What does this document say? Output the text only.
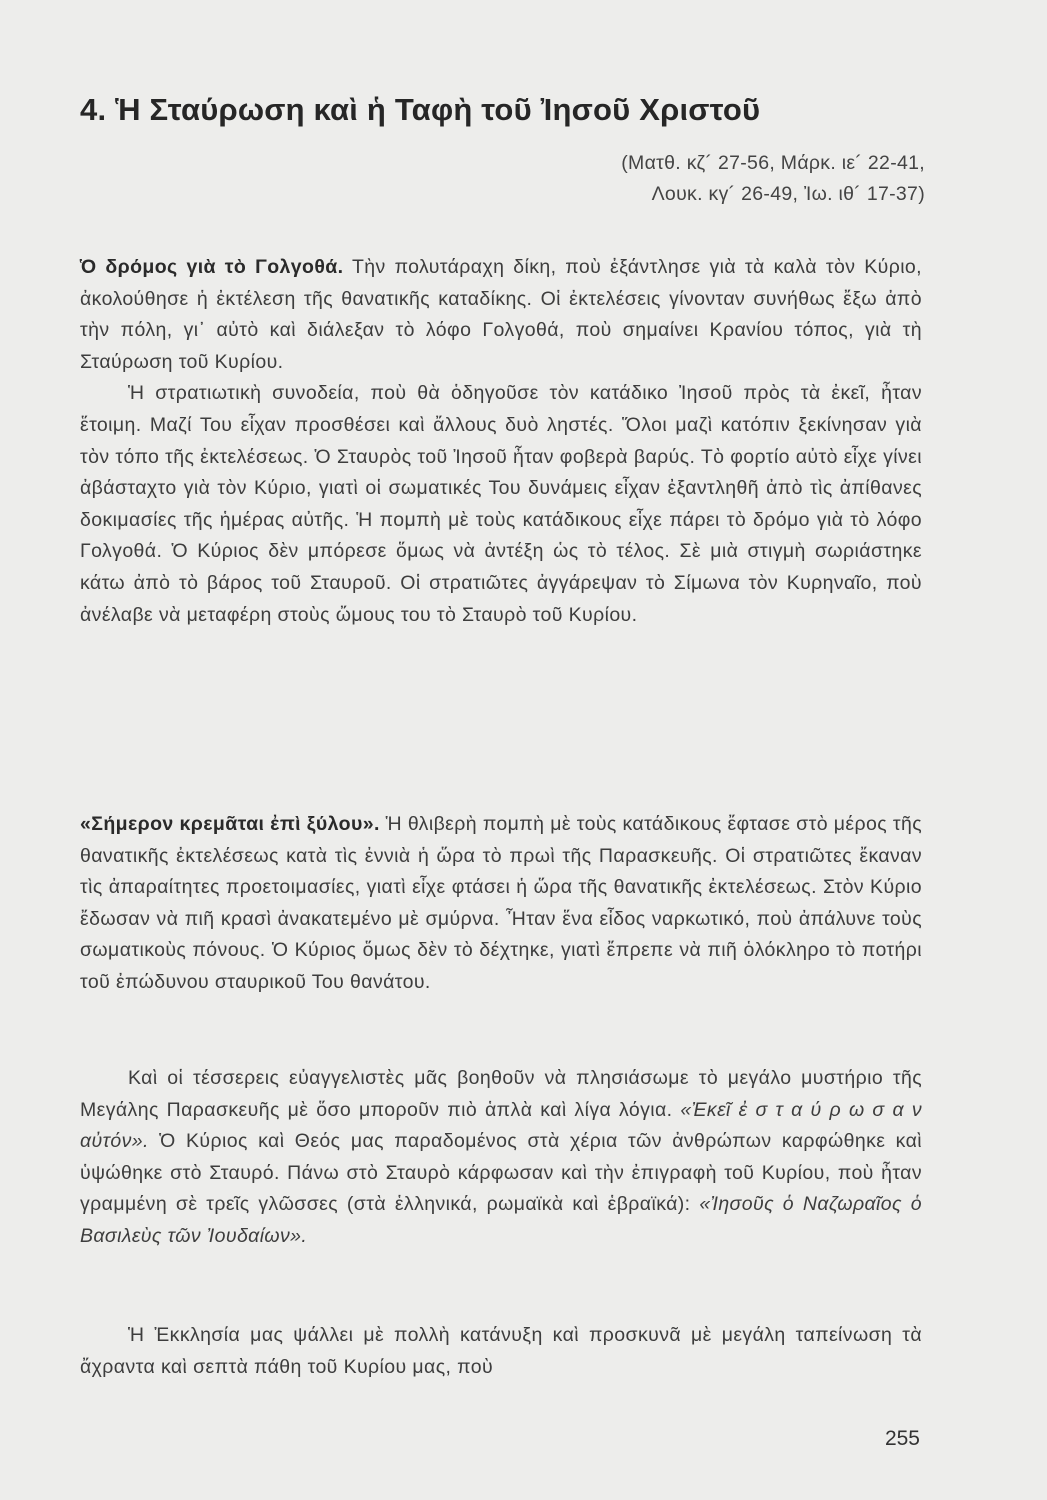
4. Ἡ Σταύρωση καὶ ἡ Ταφὴ τοῦ Ἰησοῦ Χριστοῦ
(Ματθ. κζ´ 27-56, Μάρκ. ιε´ 22-41,
Λουκ. κγ´ 26-49, Ἰω. ιθ´ 17-37)

Ὁ δρόμος γιὰ τὸ Γολγοθά. Τὴν πολυτάραχη δίκη, ποὺ ἐξάντλησε γιὰ τὰ καλὰ τὸν Κύριο, ἀκολούθησε ἡ ἐκτέλεση τῆς θανατικῆς καταδίκης. Οἱ ἐκτελέσεις γίνονταν συνήθως ἔξω ἀπὸ τὴν πόλη, γι᾽ αὐτὸ καὶ διάλεξαν τὸ λόφο Γολγοθά, ποὺ σημαίνει Κρανίου τόπος, γιὰ τὴ Σταύρωση τοῦ Κυρίου.

Ἡ στρατιωτικὴ συνοδεία, ποὺ θὰ ὁδηγοῦσε τὸν κατάδικο Ἰησοῦ πρὸς τὰ ἐκεῖ, ἦταν ἕτοιμη. Μαζί Του εἶχαν προσθέσει καὶ ἄλλους δυὸ ληστές. Ὅλοι μαζὶ κατόπιν ξεκίνησαν γιὰ τὸν τόπο τῆς ἐκτελέσεως. Ὁ Σταυρὸς τοῦ Ἰησοῦ ἦταν φοβερὰ βαρύς. Τὸ φορτίο αὐτὸ εἶχε γίνει ἀβάσταχτο γιὰ τὸν Κύριο, γιατὶ οἱ σωματικές Του δυνάμεις εἶχαν ἐξαντληθῆ ἀπὸ τὶς ἀπίθανες δοκιμασίες τῆς ἡμέρας αὐτῆς. Ἡ πομπὴ μὲ τοὺς κατάδικους εἶχε πάρει τὸ δρόμο γιὰ τὸ λόφο Γολγοθά. Ὁ Κύριος δὲν μπόρεσε ὅμως νὰ ἀντέξη ὡς τὸ τέλος. Σὲ μιὰ στιγμὴ σωριάστηκε κάτω ἀπὸ τὸ βάρος τοῦ Σταυροῦ. Οἱ στρατιῶτες ἀγγάρεψαν τὸ Σίμωνα τὸν Κυρηναῖο, ποὺ ἀνέλαβε νὰ μεταφέρη στοὺς ὤμους του τὸ Σταυρὸ τοῦ Κυρίου.

«Σήμερον κρεμᾶται ἐπὶ ξύλου». Ἡ θλιβερὴ πομπὴ μὲ τοὺς κατάδικους ἔφτασε στὸ μέρος τῆς θανατικῆς ἐκτελέσεως κατὰ τὶς ἐννιὰ ἡ ὥρα τὸ πρωὶ τῆς Παρασκευῆς. Οἱ στρατιῶτες ἔκαναν τὶς ἀπαραίτητες προετοιμασίες, γιατὶ εἶχε φτάσει ἡ ὥρα τῆς θανατικῆς ἐκτελέσεως. Στὸν Κύριο ἔδωσαν νὰ πιῆ κρασὶ ἀνακατεμένο μὲ σμύρνα. Ἦταν ἕνα εἶδος ναρκωτικό, ποὺ ἀπάλυνε τοὺς σωματικοὺς πόνους. Ὁ Κύριος ὅμως δὲν τὸ δέχτηκε, γιατὶ ἔπρεπε νὰ πιῆ ὁλόκληρο τὸ ποτήρι τοῦ ἐπώδυνου σταυρικοῦ Του θανάτου.

Καὶ οἱ τέσσερεις εὐαγγελιστὲς μᾶς βοηθοῦν νὰ πλησιάσωμε τὸ μεγάλο μυστήριο τῆς Μεγάλης Παρασκευῆς μὲ ὅσο μποροῦν πιὸ ἁπλὰ καὶ λίγα λόγια. «Ἐκεῖ ἐ σ τ α ύ ρ ω σ α ν αὐτόν». Ὁ Κύριος καὶ Θεός μας παραδομένος στὰ χέρια τῶν ἀνθρώπων καρφώθηκε καὶ ὑψώθηκε στὸ Σταυρό. Πάνω στὸ Σταυρὸ κάρφωσαν καὶ τὴν ἐπιγραφὴ τοῦ Κυρίου, ποὺ ἦταν γραμμένη σὲ τρεῖς γλῶσσες (στὰ ἑλληνικά, ρωμαϊκὰ καὶ ἑβραϊκά): «Ἰησοῦς ὁ Ναζωραῖος ὁ Βασιλεὺς τῶν Ἰουδαίων».

Ἡ Ἐκκλησία μας ψάλλει μὲ πολλὴ κατάνυξη καὶ προσκυνᾶ μὲ μεγάλη ταπείνωση τὰ ἄχραντα καὶ σεπτὰ πάθη τοῦ Κυρίου μας, ποὺ

255
